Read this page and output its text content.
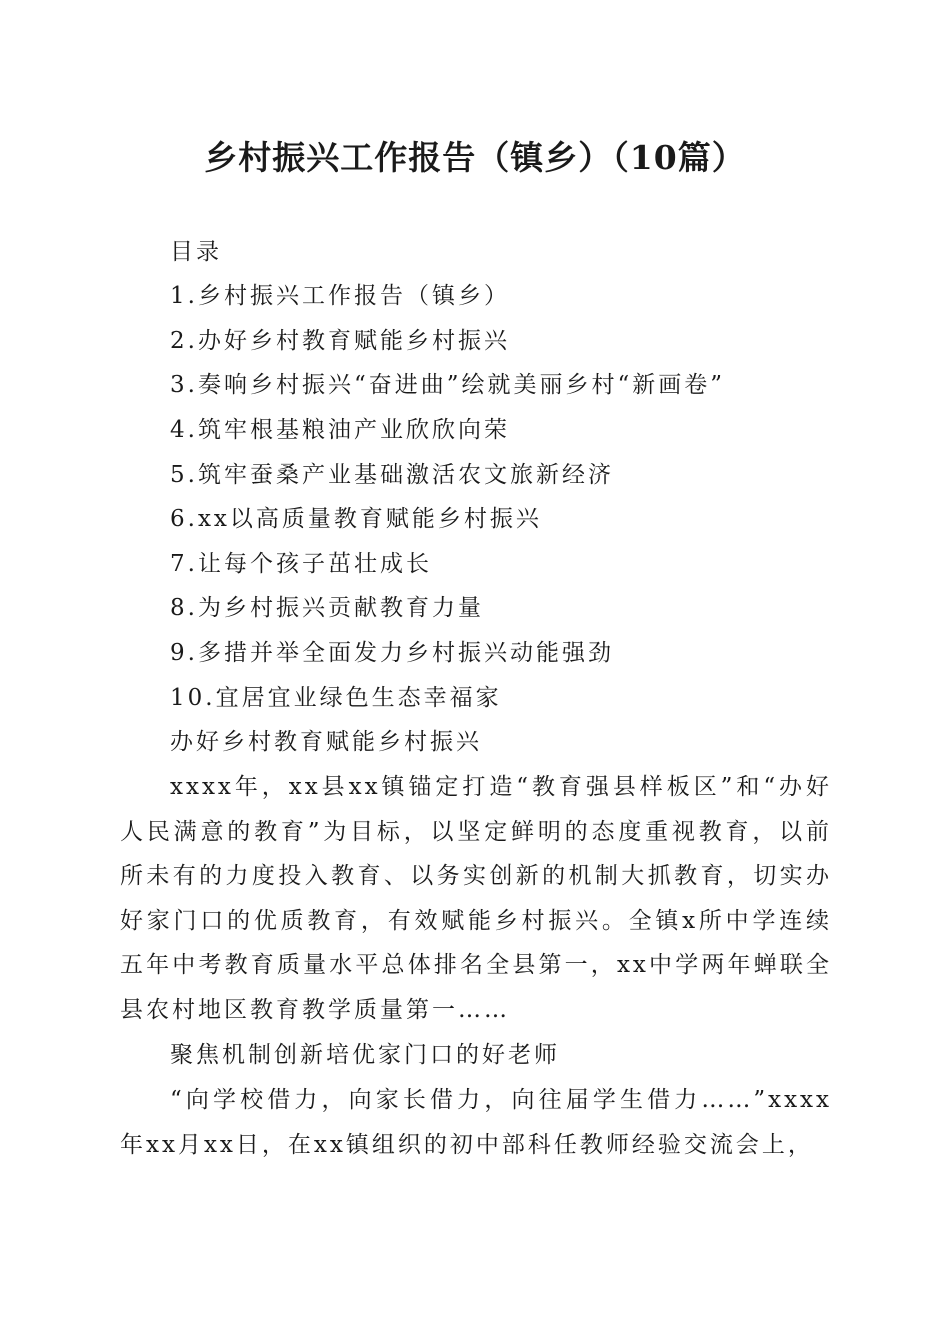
乡村振兴工作报告（镇乡）（10篇）

目录

1.乡村振兴工作报告（镇乡）

2.办好乡村教育赋能乡村振兴

3.奏响乡村振兴“奋进曲”绘就美丽乡村“新画卷”

4.筑牢根基粮油产业欣欣向荣

5.筑牢蚕桑产业基础激活农文旅新经济

6.xx以高质量教育赋能乡村振兴

7.让每个孩子茁壮成长

8.为乡村振兴贡献教育力量

9.多措并举全面发力乡村振兴动能强劲

10.宜居宜业绿色生态幸福家

办好乡村教育赋能乡村振兴

xxxx年，xx县xx镇锚定打造“教育强县样板区”和“办好人民满意的教育”为目标，以坚定鲜明的态度重视教育，以前所未有的力度投入教育、以务实创新的机制大抓教育，切实办好家门口的优质教育，有效赋能乡村振兴。全镇x所中学连续五年中考教育质量水平总体排名全县第一，xx中学两年蝉联全县农村地区教育教学质量第一……

聚焦机制创新培优家门口的好老师

“向学校借力，向家长借力，向往届学生借力……”xxxx年xx月xx日，在xx镇组织的初中部科任教师经验交流会上，
